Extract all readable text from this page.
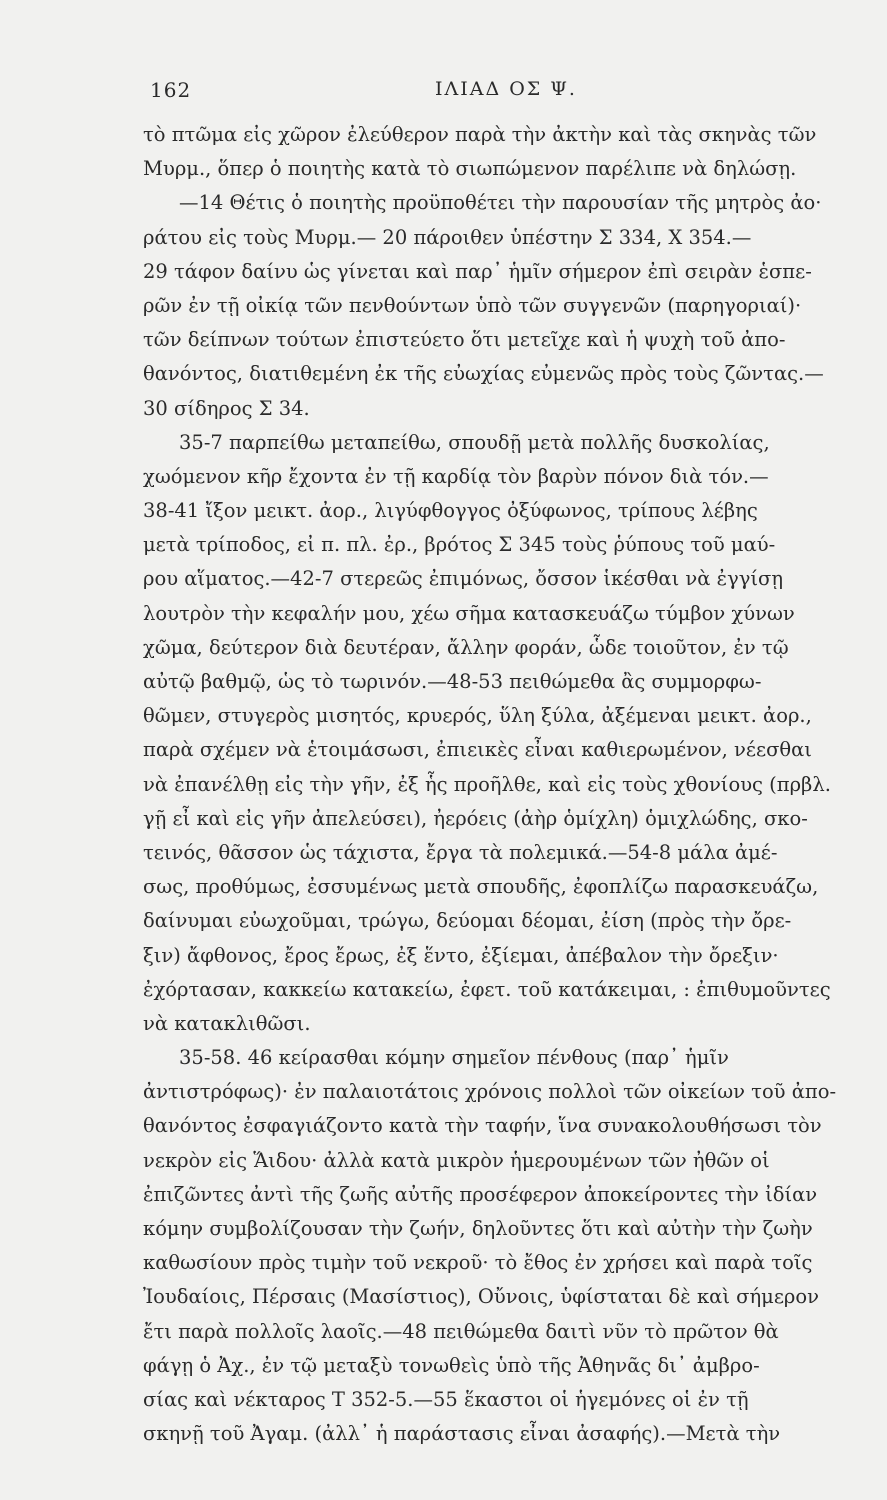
162	ΙΛΙΑΔ ΟΣ Ψ.
τὸ πτῶμα εἰς χῶρον ἐλεύθερον παρὰ τὴν ἀκτὴν καὶ τὰς σκηνὰς τῶν
Μυρμ., ὅπερ ὁ ποιητὴς κατὰ τὸ σιωπώμενον παρέλιπε νὰ δηλώσῃ.
—14 Θέτις ὁ ποιητὴς προϋποθέτει τὴν παρουσίαν τῆς μητρὸς ἀο·
ράτου εἰς τοὺς Μυρμ.— 20 πάροιθεν ὑπέστην Σ 334, Χ 354.—
29 τάφον δαίνυ ὡς γίνεται καὶ παρ᾽ ἡμῖν σήμερον ἐπὶ σειρὰν ἑσπε-
ρῶν ἐν τῇ οἰκίᾳ τῶν πενθούντων ὑπὸ τῶν συγγενῶν (παρηγοριαί)·
τῶν δείπνων τούτων ἐπιστεύετο ὅτι μετεῖχε καὶ ἡ ψυχὴ τοῦ ἀπο-
θανόντος, διατιθεμένη ἐκ τῆς εὐωχίας εὐμενῶς πρὸς τοὺς ζῶντας.—
30 σίδηρος Σ 34.
35-7 παρπείθω μεταπείθω, σπουδῇ μετὰ πολλῆς δυσκολίας,
χωόμενον κῆρ ἔχοντα ἐν τῇ καρδίᾳ τὸν βαρὺν πόνον διὰ τόν.—
38-41 ἴξον μεικτ. ἀορ., λιγύφθογγος ὀξύφωνος, τρίπους λέβης
μετὰ τρίποδος, εἰ π. πλ. ἐρ., βρότος Σ 345 τοὺς ῥύπους τοῦ μαύ-
ρου αἵματος.—42-7 στερεῶς ἐπιμόνως, ὄσσον ἱκέσθαι νὰ ἐγγίσῃ
λουτρὸν τὴν κεφαλήν μου, χέω σῆμα κατασκευάζω τύμβον χύνων
χῶμα, δεύτερον διὰ δευτέραν, ἄλλην φοράν, ὧδε τοιοῦτον, ἐν τῷ
αὐτῷ βαθμῷ, ὡς τὸ τωρινόν.—48-53 πειθώμεθα ἂς συμμορφω-
θῶμεν, στυγερὸς μισητός, κρυερός, ὕλη ξύλα, ἀξέμεναι μεικτ. ἀορ.,
παρὰ σχέμεν νὰ ἑτοιμάσωσι, ἐπιεικὲς εἶναι καθιερωμένον, νέεσθαι
νὰ ἐπανέλθῃ εἰς τὴν γῆν, ἐξ ἧς προῆλθε, καὶ εἰς τοὺς χθονίους (πρβλ.
γῇ εἶ καὶ εἰς γῆν ἀπελεύσει), ἠερόεις (ἀὴρ ὁμίχλη) ὁμιχλώδης, σκο-
τεινός, θᾶσσον ὡς τάχιστα, ἔργα τὰ πολεμικά.—54-8 μάλα ἀμέ-
σως, προθύμως, ἐσσυμένως μετὰ σπουδῆς, ἐφοπλίζω παρασκευάζω,
δαίνυμαι εὐωχοῦμαι, τρώγω, δεύομαι δέομαι, ἐίση (πρὸς τὴν ὄρε-
ξιν) ἄφθονος, ἔρος ἔρως, ἐξ ἕντο, ἐξίεμαι, ἀπέβαλον τὴν ὄρεξιν·
ἐχόρτασαν, κακκείω κατακείω, ἐφετ. τοῦ κατάκειμαι, : ἐπιθυμοῦντες
νὰ κατακλιθῶσι.
35-58. 46 κείρασθαι κόμην σημεῖον πένθους (παρ᾽ ἡμῖν
ἀντιστρόφως)· ἐν παλαιοτάτοις χρόνοις πολλοὶ τῶν οἰκείων τοῦ ἀπο-
θανόντος ἐσφαγιάζοντο κατὰ τὴν ταφήν, ἵνα συνακολουθήσωσι τὸν
νεκρὸν εἰς Ἅιδου· ἀλλὰ κατὰ μικρὸν ἡμερουμένων τῶν ἠθῶν οἱ
ἐπιζῶντες ἀντὶ τῆς ζωῆς αὐτῆς προσέφερον ἀποκείροντες τὴν ἰδίαν
κόμην συμβολίζουσαν τὴν ζωήν, δηλοῦντες ὅτι καὶ αὐτὴν τὴν ζωὴν
καθωσίουν πρὸς τιμὴν τοῦ νεκροῦ· τὸ ἔθος ἐν χρήσει καὶ παρὰ τοῖς
Ἰουδαίοις, Πέρσαις (Μασίστιος), Οὔνοις, ὑφίσταται δὲ καὶ σήμερον
ἔτι παρὰ πολλοῖς λαοῖς.—48 πειθώμεθα δαιτὶ νῦν τὸ πρῶτον θὰ
φάγῃ ὁ Ἀχ., ἐν τῷ μεταξὺ τονωθεὶς ὑπὸ τῆς Ἀθηνᾶς δι᾽ ἀμβρο-
σίας καὶ νέκταρος Τ 352-5.—55 ἕκαστοι οἱ ἡγεμόνες οἱ ἐν τῇ
σκηνῇ τοῦ Ἀγαμ. (ἀλλ᾽ ἡ παράστασις εἶναι ἀσαφής).—Μετὰ τὴν
